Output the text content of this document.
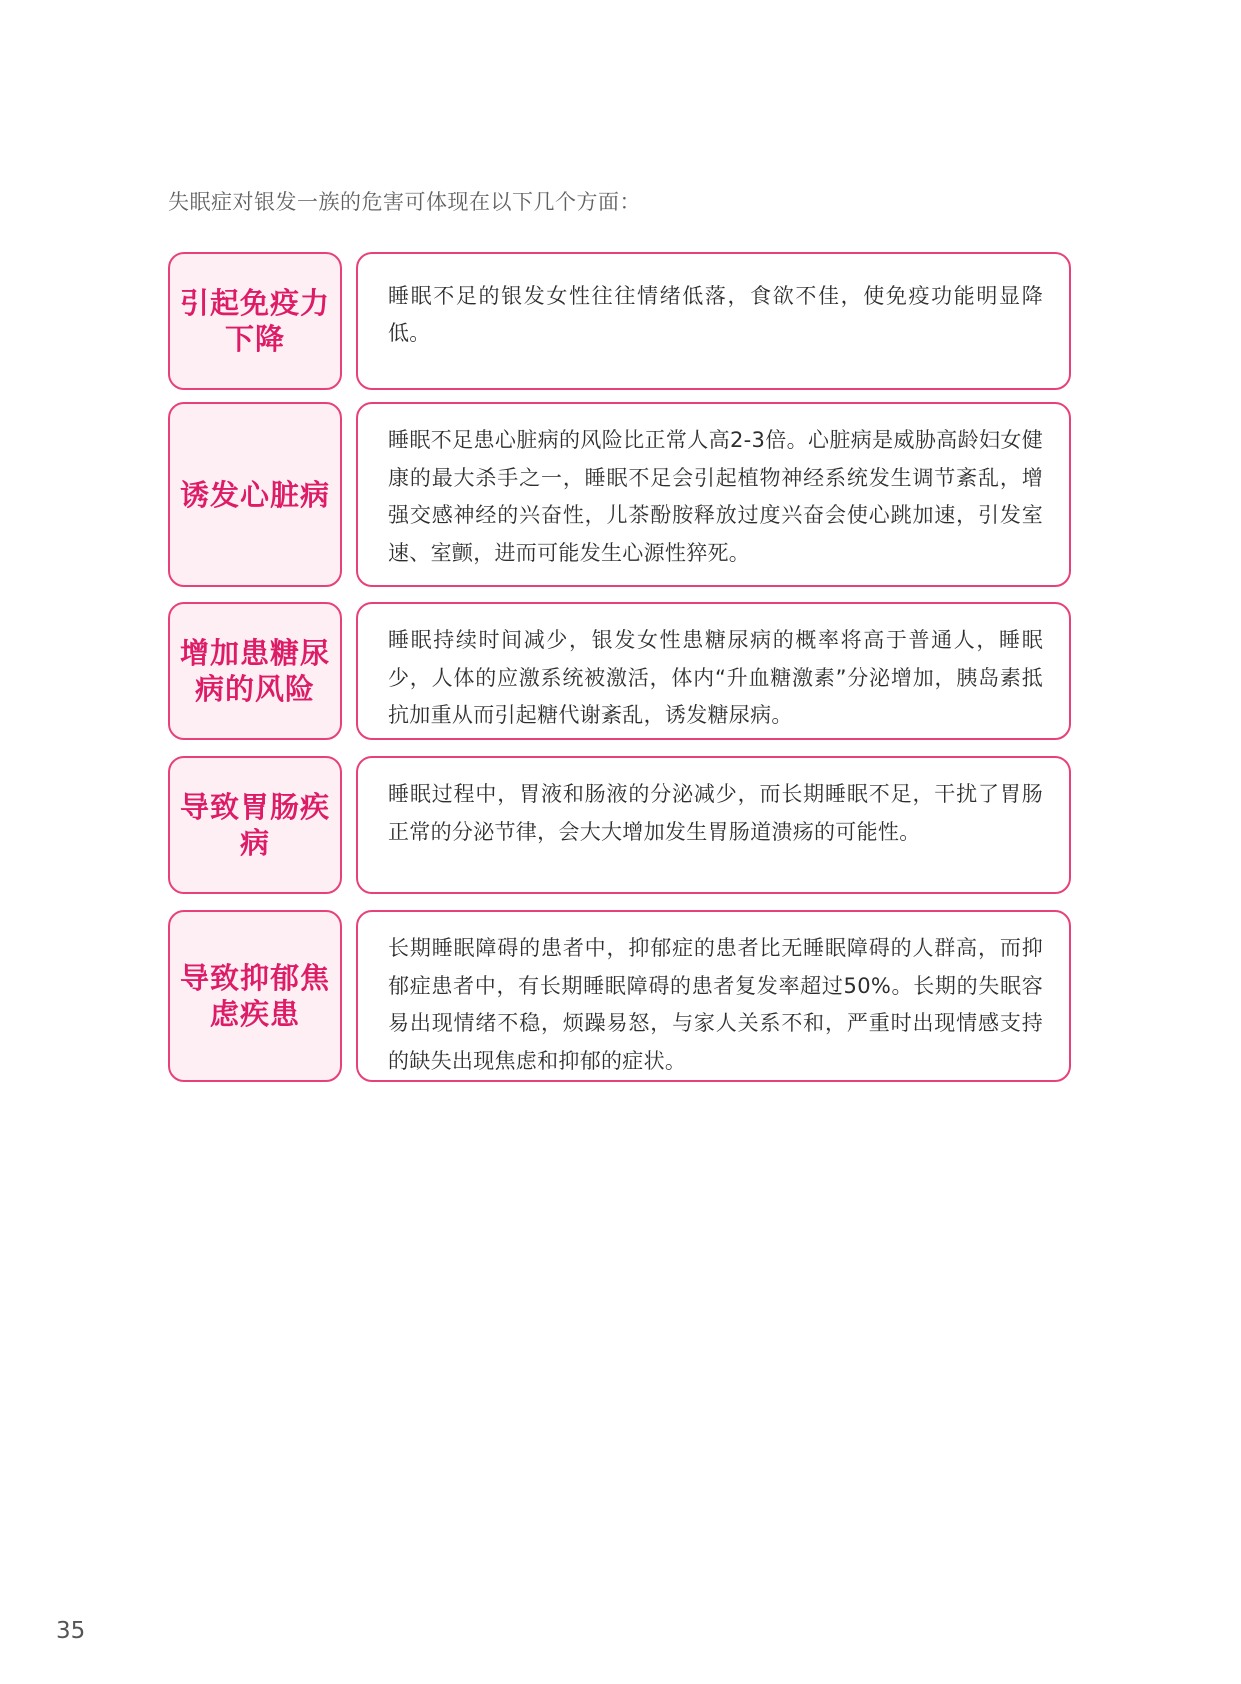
失眠症对银发一族的危害可体现在以下几个方面：
引起免疫力下降
睡眠不足的银发女性往往情绪低落，食欲不佳，使免疫功能明显降低。
诱发心脏病
睡眠不足患心脏病的风险比正常人高2-3倍。心脏病是威胁高龄妇女健康的最大杀手之一，睡眠不足会引起植物神经系统发生调节紊乱，增强交感神经的兴奋性，儿茶酚胺释放过度兴奋会使心跳加速，引发室速、室颤，进而可能发生心源性猝死。
增加患糖尿病的风险
睡眠持续时间减少，银发女性患糖尿病的概率将高于普通人，睡眠少，人体的应激系统被激活，体内“升血糖激素”分泌增加，胰岛素抵抗加重从而引起糖代谢紊乱，诱发糖尿病。
导致胃肠疾病
睡眠过程中，胃液和肠液的分泌减少，而长期睡眠不足，干扰了胃肠正常的分泌节律，会大大增加发生胃肠道溃疡的可能性。
导致抑郁焦虑疾患
长期睡眠障碍的患者中，抑郁症的患者比无睡眠障碍的人群高，而抑郁症患者中，有长期睡眠障碍的患者复发率超过50%。长期的失眠容易出现情绪不稳，烦躁易怒，与家人关系不和，严重时出现情感支持的缺失出现焦虑和抑郁的症状。
35
